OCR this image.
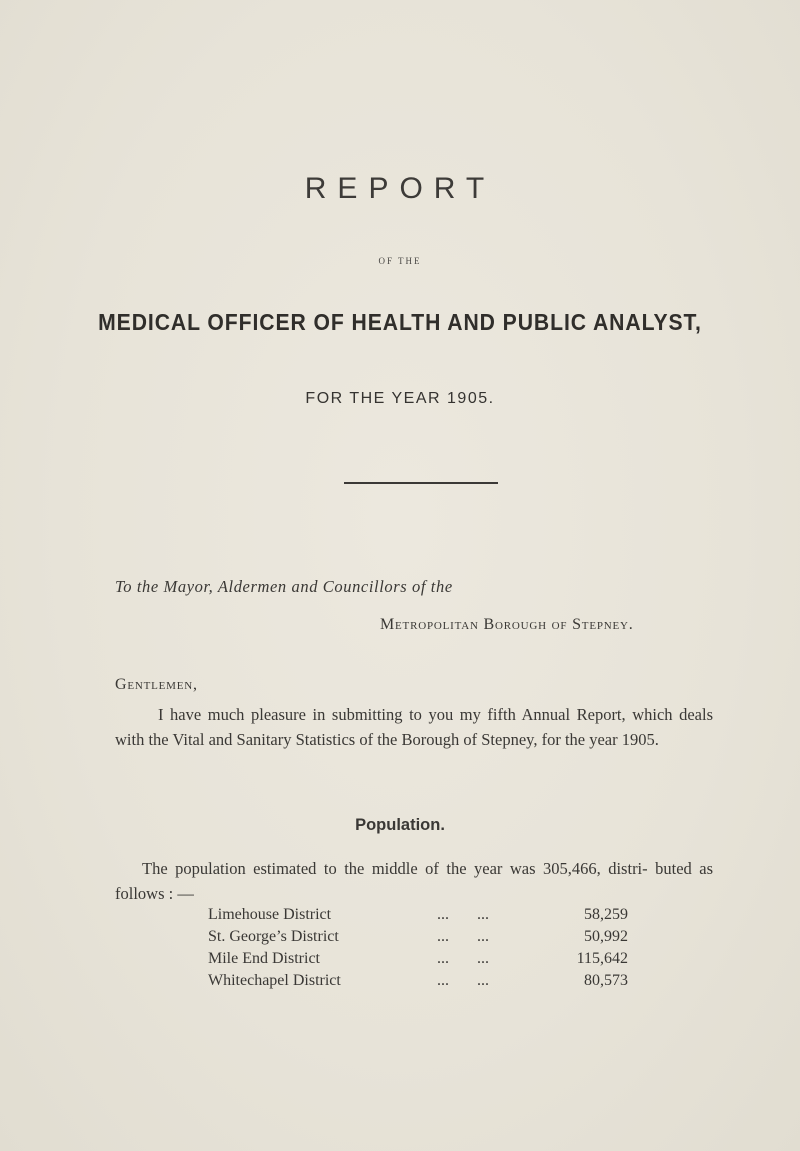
REPORT
OF THE
MEDICAL OFFICER OF HEALTH AND PUBLIC ANALYST,
FOR THE YEAR 1905.
To the Mayor, Aldermen and Councillors of the
Metropolitan Borough of Stepney.
Gentlemen,
I have much pleasure in submitting to you my fifth Annual Report, which deals with the Vital and Sanitary Statistics of the Borough of Stepney, for the year 1905.
Population.
The population estimated to the middle of the year was 305,466, distri- buted as follows : —
Limehouse District	...	...	58,259
St. George’s District	...	...	50,992
Mile End District	...	...	115,642
Whitechapel District	...	...	80,573
